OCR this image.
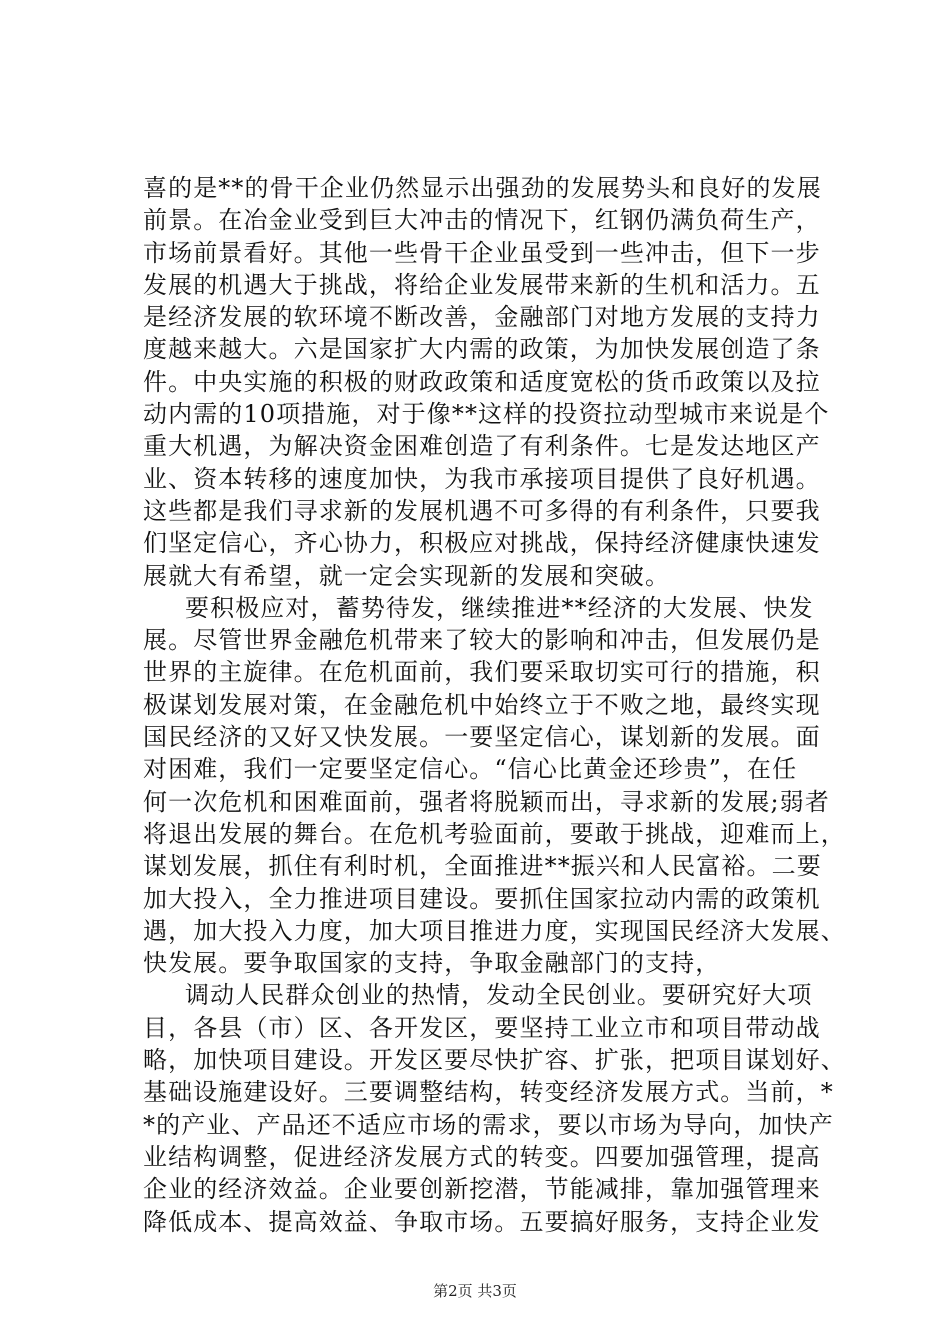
喜的是**的骨干企业仍然显示出强劲的发展势头和良好的发展
前景。在冶金业受到巨大冲击的情况下，红钢仍满负荷生产，
市场前景看好。其他一些骨干企业虽受到一些冲击，但下一步
发展的机遇大于挑战，将给企业发展带来新的生机和活力。五
是经济发展的软环境不断改善，金融部门对地方发展的支持力
度越来越大。六是国家扩大内需的政策，为加快发展创造了条
件。中央实施的积极的财政政策和适度宽松的货币政策以及拉
动内需的10项措施，对于像**这样的投资拉动型城市来说是个
重大机遇，为解决资金困难创造了有利条件。七是发达地区产
业、资本转移的速度加快，为我市承接项目提供了良好机遇。
这些都是我们寻求新的发展机遇不可多得的有利条件，只要我
们坚定信心，齐心协力，积极应对挑战，保持经济健康快速发
展就大有希望，就一定会实现新的发展和突破。
要积极应对，蓄势待发，继续推进**经济的大发展、快发
展。尽管世界金融危机带来了较大的影响和冲击，但发展仍是
世界的主旋律。在危机面前，我们要采取切实可行的措施，积
极谋划发展对策，在金融危机中始终立于不败之地，最终实现
国民经济的又好又快发展。一要坚定信心，谋划新的发展。面
对困难，我们一定要坚定信心。“信心比黄金还珍贵”，在任
何一次危机和困难面前，强者将脱颖而出，寻求新的发展;弱者
将退出发展的舞台。在危机考验面前，要敢于挑战，迎难而上，
谋划发展，抓住有利时机，全面推进**振兴和人民富裕。二要
加大投入，全力推进项目建设。要抓住国家拉动内需的政策机
遇，加大投入力度，加大项目推进力度，实现国民经济大发展、
快发展。要争取国家的支持，争取金融部门的支持，
调动人民群众创业的热情，发动全民创业。要研究好大项
目，各县（市）区、各开发区，要坚持工业立市和项目带动战
略，加快项目建设。开发区要尽快扩容、扩张，把项目谋划好、
基础设施建设好。三要调整结构，转变经济发展方式。当前，*
*的产业、产品还不适应市场的需求，要以市场为导向，加快产
业结构调整，促进经济发展方式的转变。四要加强管理，提高
企业的经济效益。企业要创新挖潜，节能减排，靠加强管理来
降低成本、提高效益、争取市场。五要搞好服务，支持企业发
第2页 共3页
